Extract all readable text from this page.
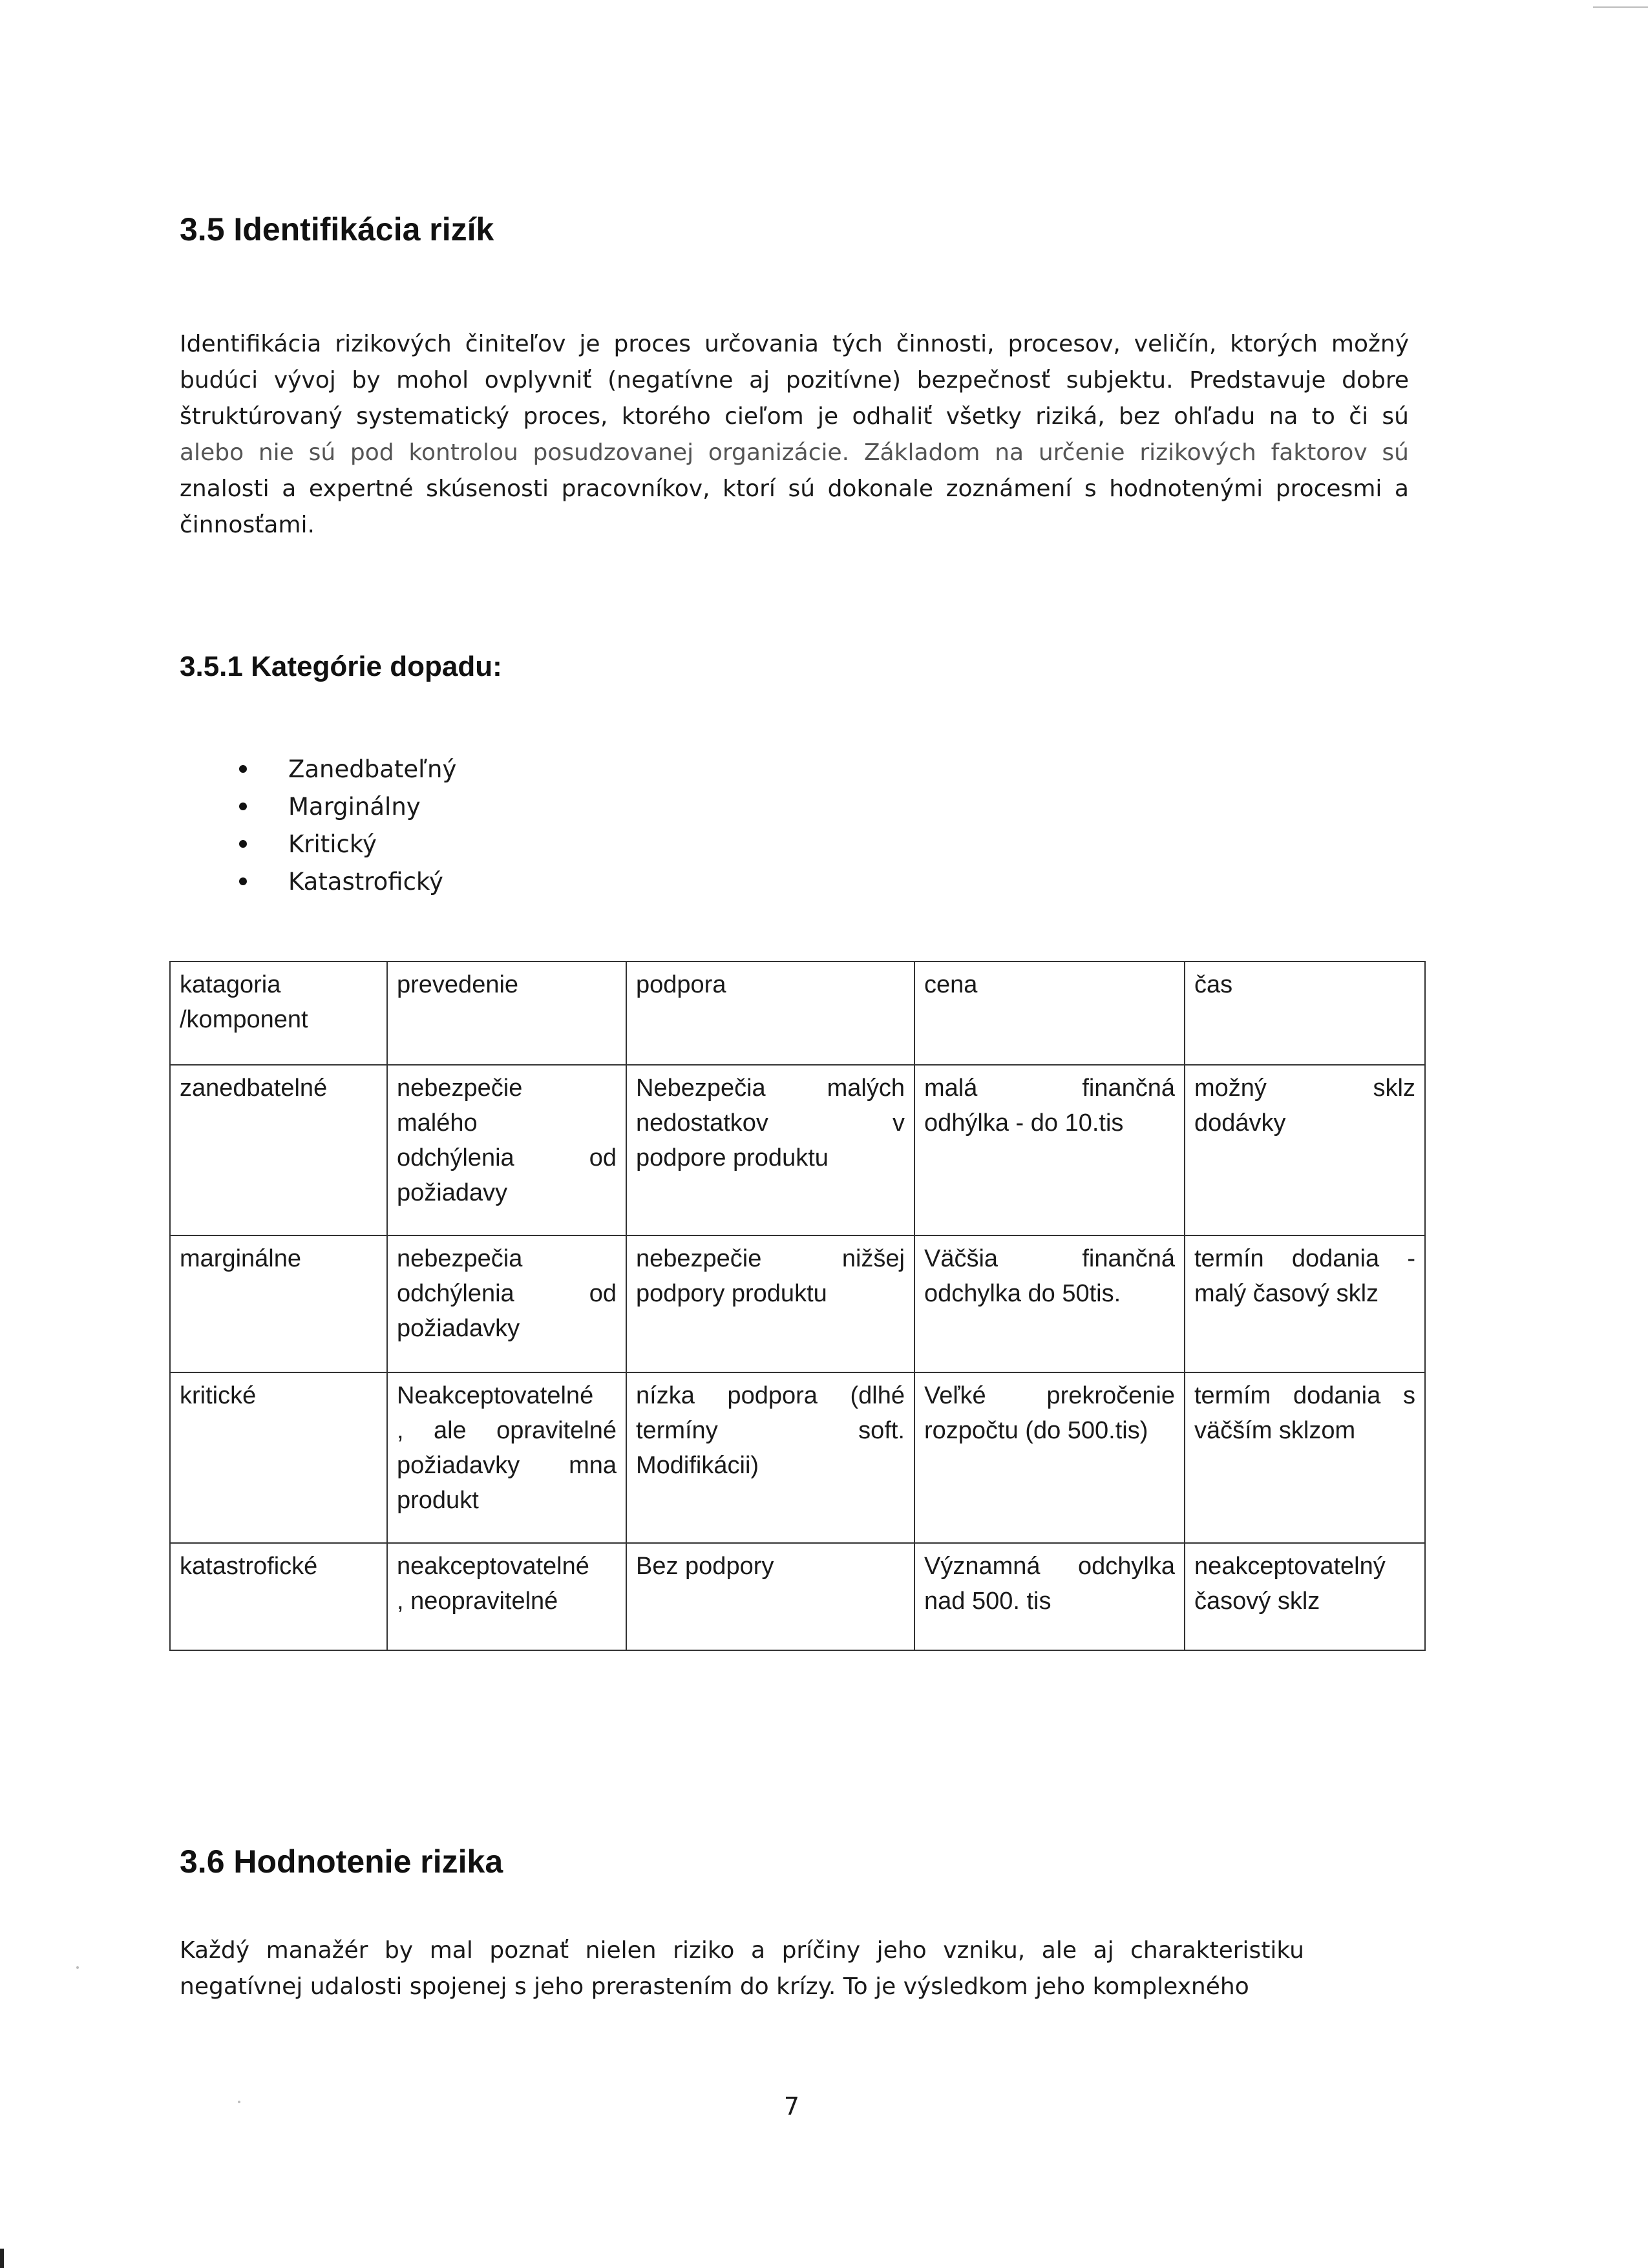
3.5 Identifikácia rizík
Identifikácia rizikových činiteľov je proces určovania tých činnosti, procesov, veličín, ktorých možný
budúci vývoj by mohol ovplyvniť (negatívne aj pozitívne) bezpečnosť subjektu. Predstavuje dobre
štruktúrovaný systematický proces, ktorého cieľom je odhaliť všetky riziká, bez ohľadu na to či sú
alebo nie sú pod kontrolou posudzovanej organizácie. Základom na určenie rizikových faktorov sú
znalosti a expertné skúsenosti pracovníkov, ktorí sú dokonale zoznámení s hodnotenými procesmi a
činnosťami.
3.5.1 Kategórie dopadu:
Zanedbateľný
Marginálny
Kritický
Katastrofický
katagoria
/komponent	prevedenie	podpora	cena	čas

zanedbatelné	nebezpečie
malého
odchýlenia od
požiadavy	Nebezpečia malých
nedostatkov v
podpore produktu	malá finančná
odhýlka - do 10.tis	možný sklz
dodávky

marginálne	nebezpečia
odchýlenia od
požiadavky	nebezpečie nižšej
podpory produktu	Väčšia finančná
odchylka do 50tis.	termín dodania -
malý časový sklz

kritické	Neakceptovatelné
, ale opravitelné
požiadavky mna
produkt	nízka podpora (dlhé
termíny soft.
Modifikácii)	Veľké prekročenie
rozpočtu (do 500.tis)	termím dodania s
väčším sklzom

katastrofické	neakceptovatelné
, neopravitelné	Bez podpory	Významná odchylka
nad 500. tis	neakceptovatelný
časový sklz
3.6 Hodnotenie rizika
Každý manažér by mal poznať nielen riziko a príčiny jeho vzniku, ale aj charakteristiku
negatívnej udalosti spojenej s jeho prerastením do krízy. To je výsledkom jeho komplexného
7
